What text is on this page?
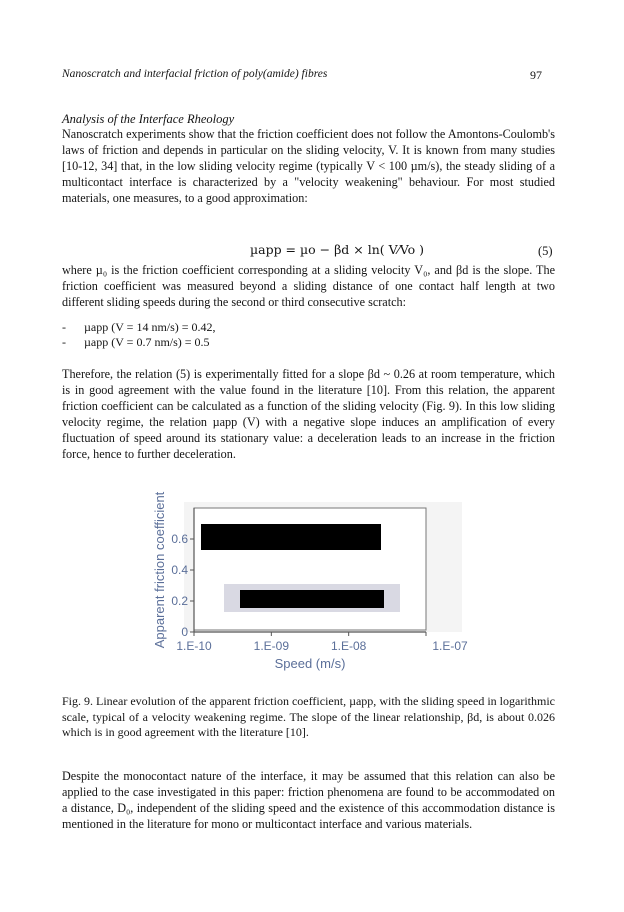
Nanoscratch and interfacial friction of poly(amide) fibres	97
Analysis of the Interface Rheology
Nanoscratch experiments show that the friction coefficient does not follow the Amontons-Coulomb's laws of friction and depends in particular on the sliding velocity, V. It is known from many studies [10-12, 34] that, in the low sliding velocity regime (typically V < 100 µm/s), the steady sliding of a multicontact interface is characterized by a "velocity weakening" behaviour. For most studied materials, one measures, to a good approximation:
µapp = µo − βd × ln( V⁄Vo )	(5)
where µ₀ is the friction coefficient corresponding at a sliding velocity V₀, and βd is the slope. The friction coefficient was measured beyond a sliding distance of one contact half length at two different sliding speeds during the second or third consecutive scratch:
-	µapp (V = 14 nm/s) = 0.42,
-	µapp (V = 0.7 nm/s) = 0.5
Therefore, the relation (5) is experimentally fitted for a slope βd ~ 0.26 at room temperature, which is in good agreement with the value found in the literature [10]. From this relation, the apparent friction coefficient can be calculated as a function of the sliding velocity (Fig. 9). In this low sliding velocity regime, the relation µapp (V) with a negative slope induces an amplification of every fluctuation of speed around its stationary value: a deceleration leads to an increase in the friction force, hence to further deceleration.
0
0.2
0.4
0.6
1.E-10	1.E-09	1.E-08	1.E-07
Apparent friction coefficient
Speed (m/s)
Fig. 9. Linear evolution of the apparent friction coefficient, µapp, with the sliding speed in logarithmic scale, typical of a velocity weakening regime. The slope of the linear relationship, βd, is about 0.026 which is in good agreement with the literature [10].
Despite the monocontact nature of the interface, it may be assumed that this relation can also be applied to the case investigated in this paper: friction phenomena are found to be accommodated on a distance, D₀, independent of the sliding speed and the existence of this accommodation distance is mentioned in the literature for mono or multicontact interface and various materials.
